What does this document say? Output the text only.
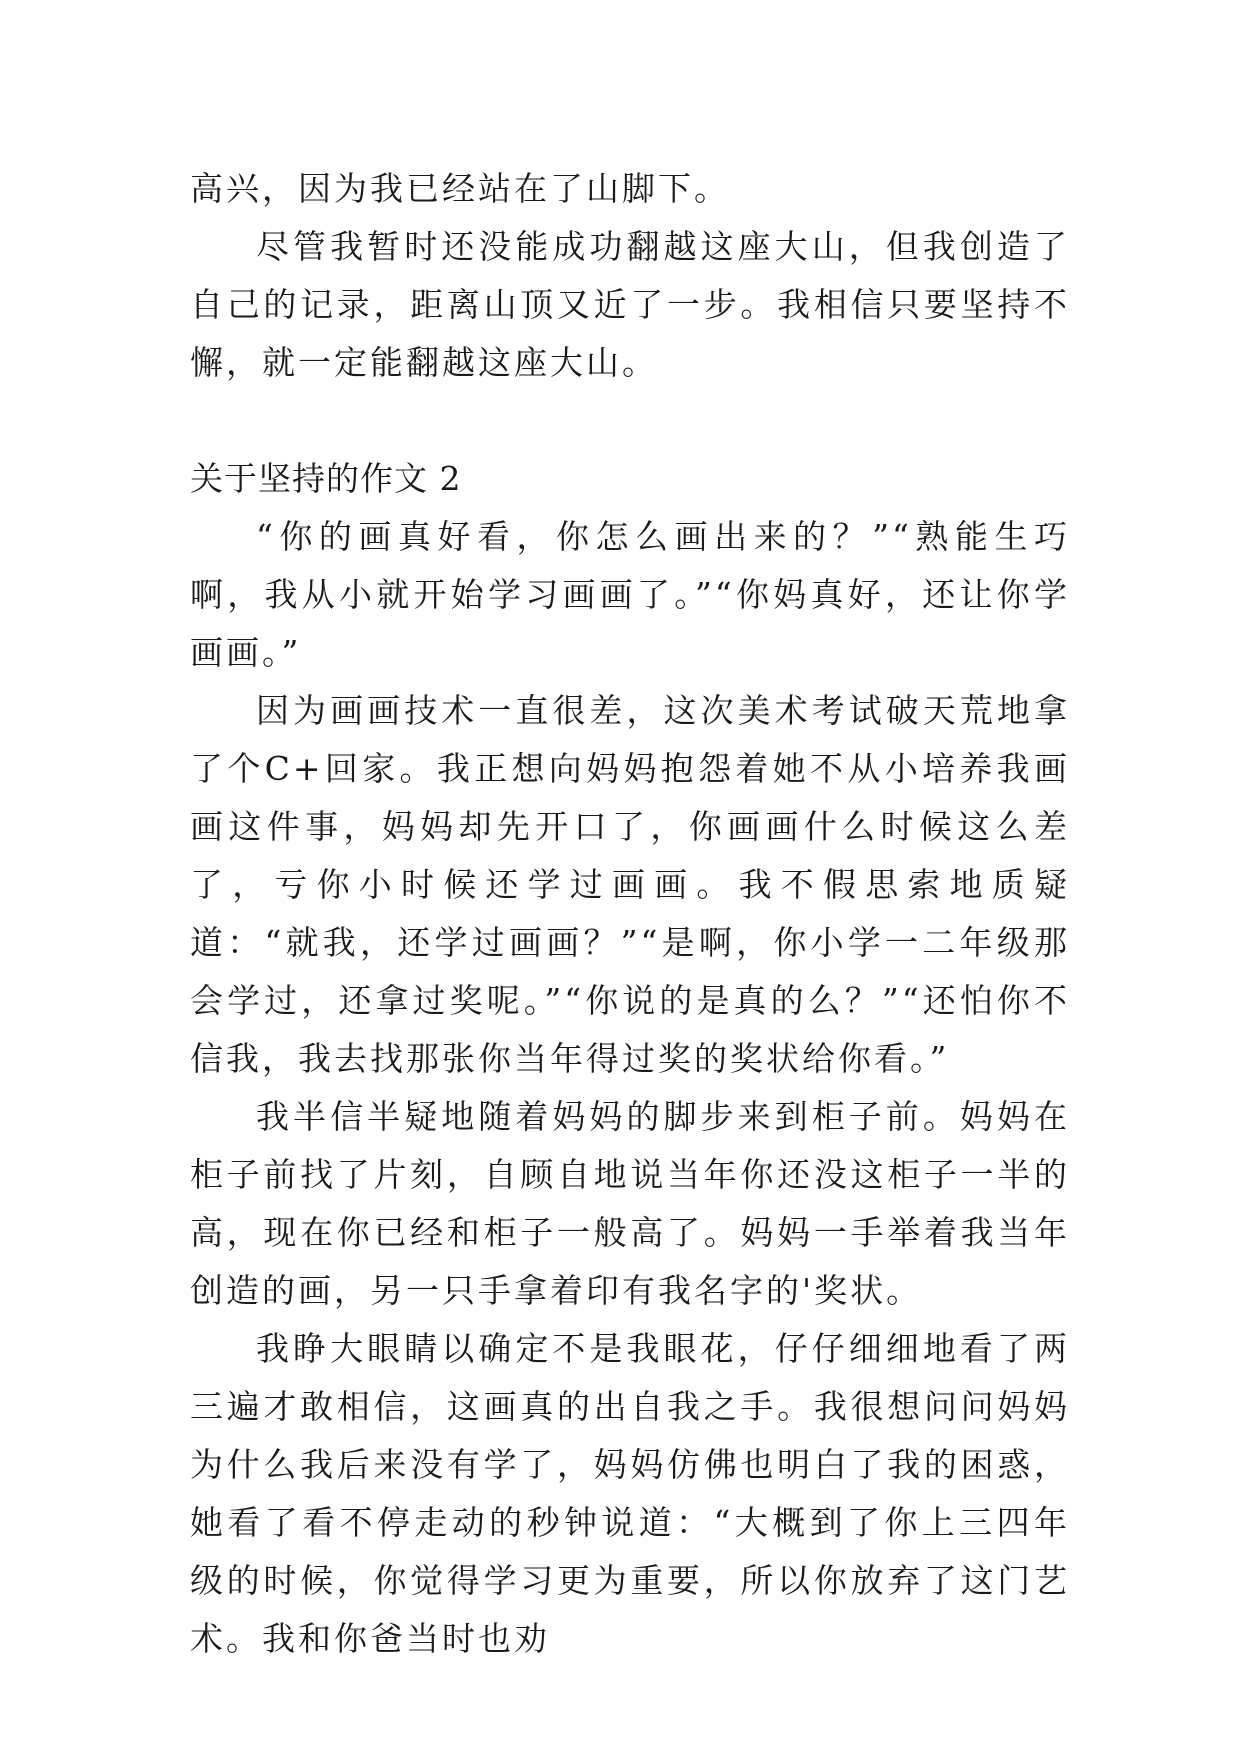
高兴，因为我已经站在了山脚下。

尽管我暂时还没能成功翻越这座大山，但我创造了自己的记录，距离山顶又近了一步。我相信只要坚持不懈，就一定能翻越这座大山。

关于坚持的作文 2

“你的画真好看，你怎么画出来的？”“熟能生巧啊，我从小就开始学习画画了。”“你妈真好，还让你学画画。”

因为画画技术一直很差，这次美术考试破天荒地拿了个C+回家。我正想向妈妈抱怨着她不从小培养我画画这件事，妈妈却先开口了，你画画什么时候这么差了，亏你小时候还学过画画。我不假思索地质疑道：“就我，还学过画画？”“是啊，你小学一二年级那会学过，还拿过奖呢。”“你说的是真的么？”“还怕你不信我，我去找那张你当年得过奖的奖状给你看。”

我半信半疑地随着妈妈的脚步来到柜子前。妈妈在柜子前找了片刻，自顾自地说当年你还没这柜子一半的高，现在你已经和柜子一般高了。妈妈一手举着我当年创造的画，另一只手拿着印有我名字的'奖状。

我睁大眼睛以确定不是我眼花，仔仔细细地看了两三遍才敢相信，这画真的出自我之手。我很想问问妈妈为什么我后来没有学了，妈妈仿佛也明白了我的困惑，她看了看不停走动的秒钟说道：“大概到了你上三四年级的时候，你觉得学习更为重要，所以你放弃了这门艺术。我和你爸当时也劝
